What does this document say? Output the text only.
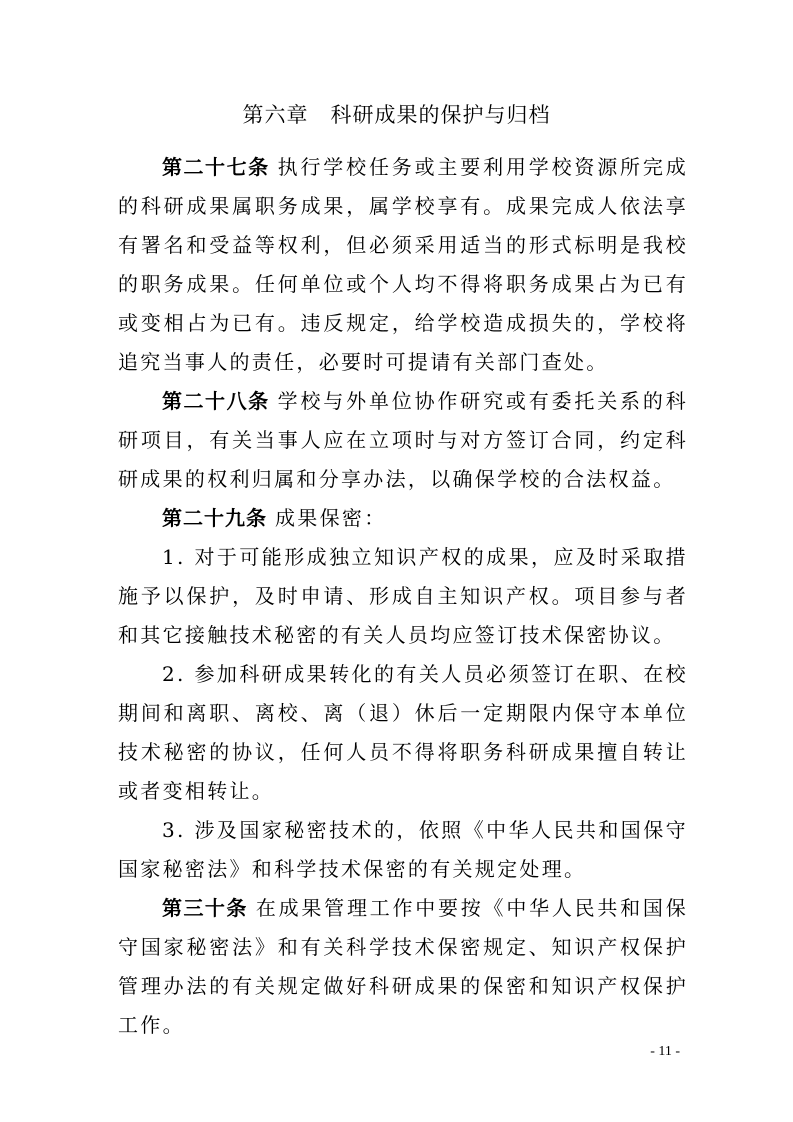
第六章　科研成果的保护与归档

第二十七条 执行学校任务或主要利用学校资源所完成的科研成果属职务成果，属学校享有。成果完成人依法享有署名和受益等权利，但必须采用适当的形式标明是我校的职务成果。任何单位或个人均不得将职务成果占为已有或变相占为已有。违反规定，给学校造成损失的，学校将追究当事人的责任，必要时可提请有关部门查处。

第二十八条 学校与外单位协作研究或有委托关系的科研项目，有关当事人应在立项时与对方签订合同，约定科研成果的权利归属和分享办法，以确保学校的合法权益。

第二十九条 成果保密：

1. 对于可能形成独立知识产权的成果，应及时采取措施予以保护，及时申请、形成自主知识产权。项目参与者和其它接触技术秘密的有关人员均应签订技术保密协议。

2. 参加科研成果转化的有关人员必须签订在职、在校期间和离职、离校、离（退）休后一定期限内保守本单位技术秘密的协议，任何人员不得将职务科研成果擅自转让或者变相转让。

3. 涉及国家秘密技术的，依照《中华人民共和国保守国家秘密法》和科学技术保密的有关规定处理。

第三十条 在成果管理工作中要按《中华人民共和国保守国家秘密法》和有关科学技术保密规定、知识产权保护管理办法的有关规定做好科研成果的保密和知识产权保护工作。

- 11 -
